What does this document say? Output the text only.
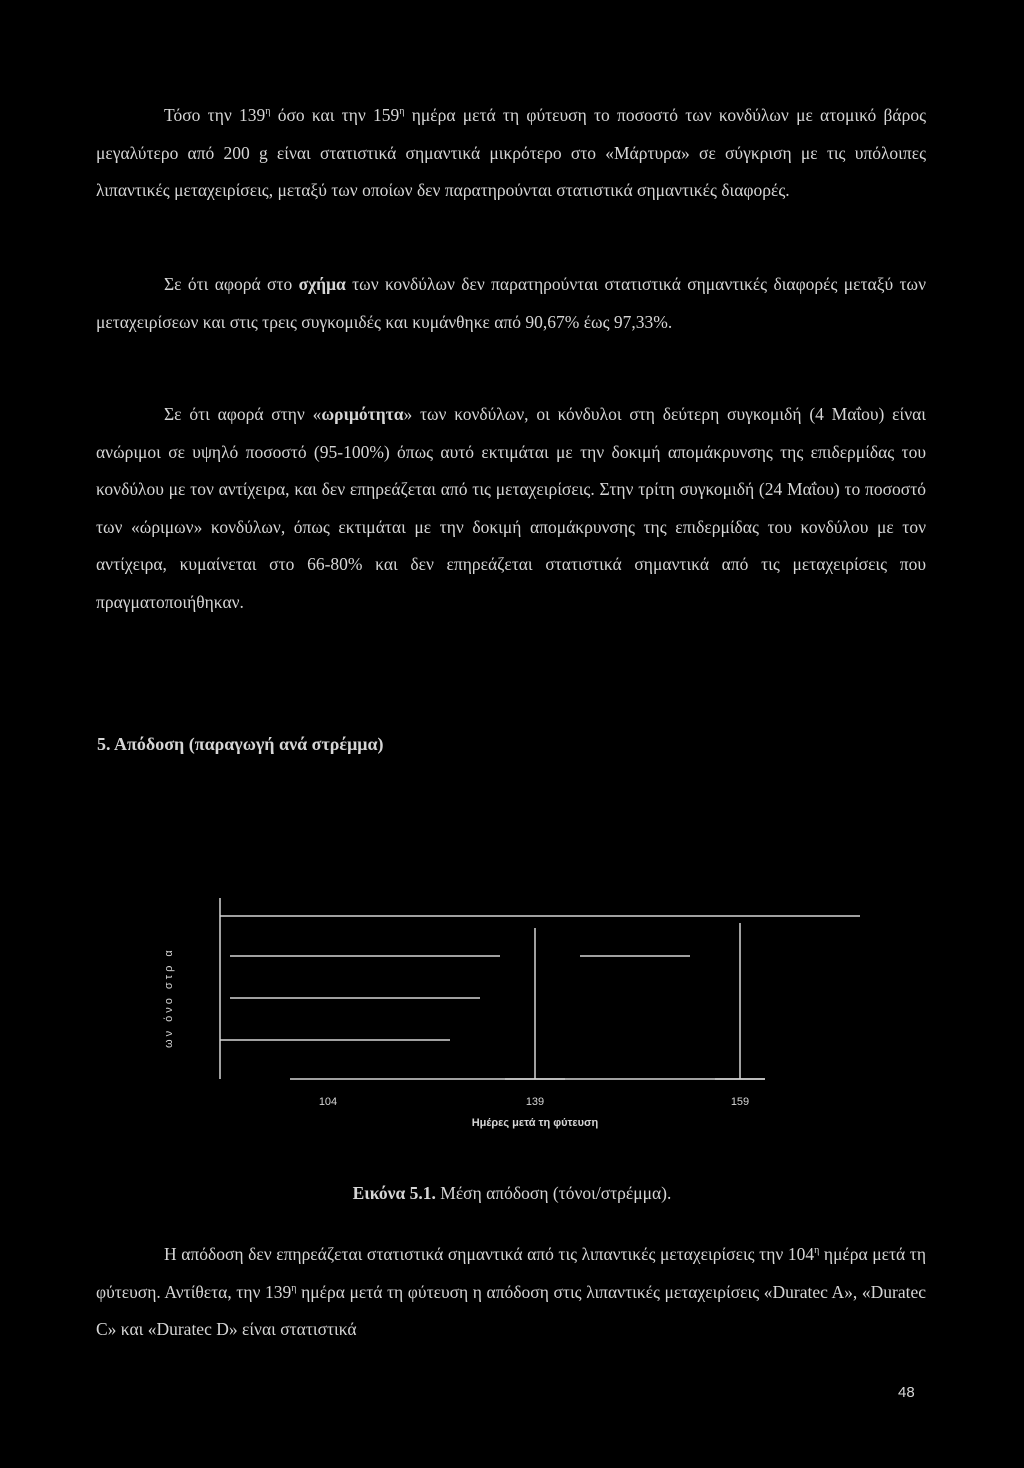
Τόσο την $139^\eta$ όσο και την $159^\eta$ ημέρα μετά τη φύτευση το ποσοστό των κονδύλων με ατομικό βάρος μεγαλύτερο από 200 g είναι στατιστικά σημαντικά μικρότερο στο «Μάρτυρα» σε σύγκριση με τις υπόλοιπες λιπαντικές μεταχειρίσεις, μεταξύ των οποίων δεν παρατηρούνται στατιστικά σημαντικές διαφορές.

Σε ότι αφορά στο σχήμα των κονδύλων δεν παρατηρούνται στατιστικά σημαντικές διαφορές μεταξύ των μεταχειρίσεων και στις τρεις συγκομιδές και κυμάνθηκε από 90,67% έως 97,33%.

Σε ότι αφορά στην «ωριμότητα» των κονδύλων, οι κόνδυλοι στη δεύτερη συγκομιδή (4 Μαΐου) είναι ανώριμοι σε υψηλό ποσοστό (95-100%) όπως αυτό εκτιμάται με την δοκιμή απομάκρυνσης της επιδερμίδας του κονδύλου με τον αντίχειρα, και δεν επηρεάζεται από τις μεταχειρίσεις. Στην τρίτη συγκομιδή (24 Μαΐου) το ποσοστό των «ώριμων» κονδύλων, όπως εκτιμάται με την δοκιμή απομάκρυνσης της επιδερμίδας του κονδύλου με τον αντίχειρα, κυμαίνεται στο 66-80% και δεν επηρεάζεται στατιστικά σημαντικά από τις μεταχειρίσεις που πραγματοποιήθηκαν.

5. Απόδοση (παραγωγή ανά στρέμμα)
104	139	159
ων όνο στρ α
Ημέρες μετά τη φύτευση

Εικόνα 5.1. Μέση απόδοση (τόνοι/στρέμμα).

Η απόδοση δεν επηρεάζεται στατιστικά σημαντικά από τις λιπαντικές μεταχειρίσεις την $104^\eta$ ημέρα μετά τη φύτευση. Αντίθετα, την $139^\eta$ ημέρα μετά τη φύτευση η απόδοση στις λιπαντικές μεταχειρίσεις «Duratec A», «Duratec C» και «Duratec D» είναι στατιστικά

48
